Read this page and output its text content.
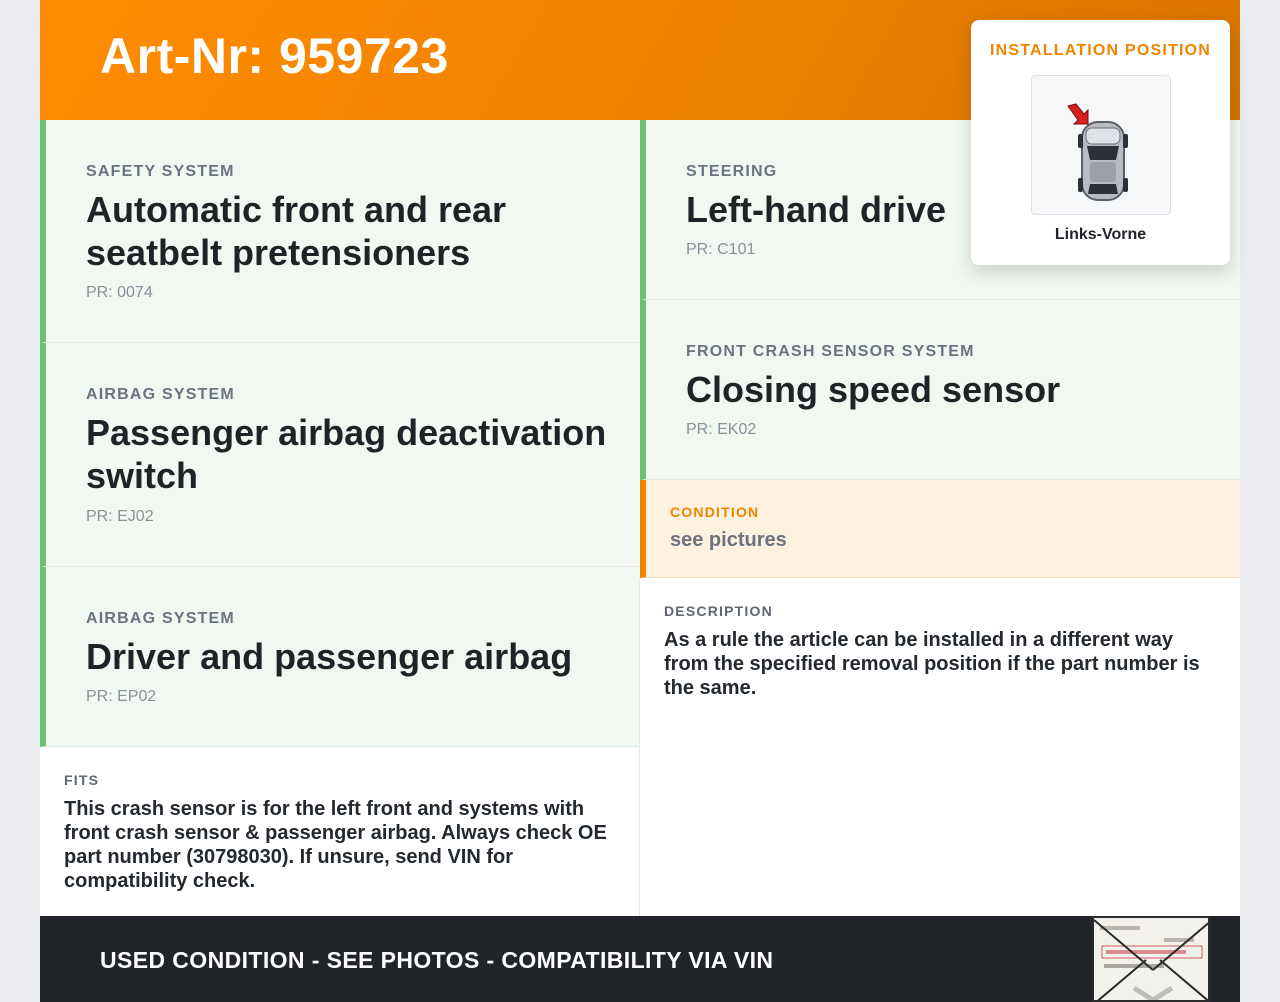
Art-Nr: 959723
SAFETY SYSTEM
Automatic front and rear seatbelt pretensioners
PR: 0074
AIRBAG SYSTEM
Passenger airbag deactivation switch
PR: EJ02
AIRBAG SYSTEM
Driver and passenger airbag
PR: EP02
STEERING
Left-hand drive
PR: C101
FRONT CRASH SENSOR SYSTEM
Closing speed sensor
PR: EK02
CONDITION
see pictures
DESCRIPTION
As a rule the article can be installed in a different way from the specified removal position if the part number is the same.
FITS
This crash sensor is for the left front and systems with front crash sensor & passenger airbag. Always check OE part number (30798030). If unsure, send VIN for compatibility check.
USED CONDITION - SEE PHOTOS - COMPATIBILITY VIA VIN
INSTALLATION POSITION
Links-Vorne
